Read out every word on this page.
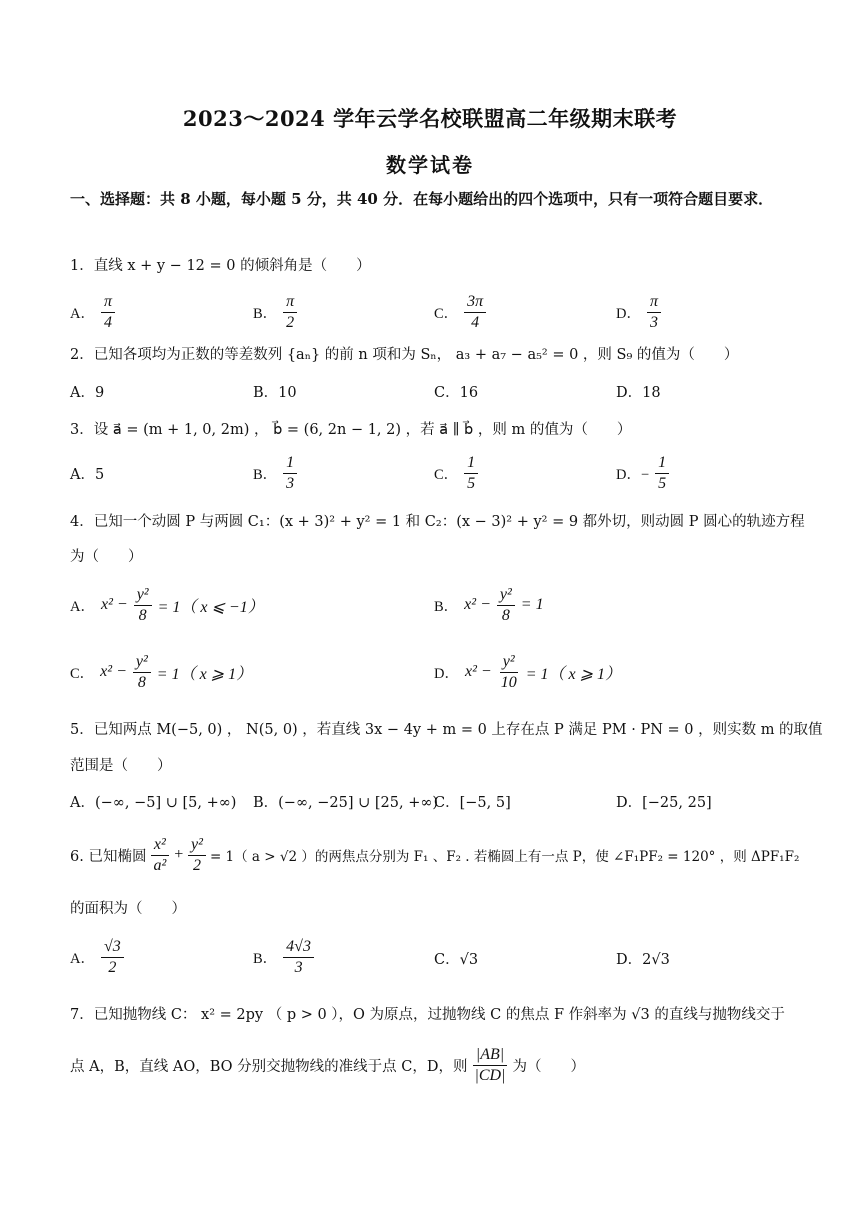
2023～2024 学年云学名校联盟高二年级期末联考
数学试卷
一、选择题：共 8 小题，每小题 5 分，共 40 分．在每小题给出的四个选项中，只有一项符合题目要求．
1．直线 x + y − 12 = 0 的倾斜角是（　　）
A． $\frac{\pi}{4}$	B． $\frac{\pi}{2}$	C． $\frac{3\pi}{4}$	D． $\frac{\pi}{3}$
2．已知各项均为正数的等差数列 {aₙ} 的前 n 项和为 Sₙ， a₃ + a₇ − a₅² = 0 ，则 S₉ 的值为（　　）
A．9	B．10	C．16	D．18
3．设 a⃗ = (m + 1, 0, 2m) ， b⃗ = (6, 2n − 1, 2) ，若 a⃗ ∥ b⃗ ，则 m 的值为（　　）
A．5	B． $\frac{1}{3}$	C． $\frac{1}{5}$	D．− $\frac{1}{5}$
4．已知一个动圆 P 与两圆 C₁：(x + 3)² + y² = 1 和 C₂：(x − 3)² + y² = 9 都外切，则动圆 P 圆心的轨迹方程
为（　　）
A． $x^2 - \frac{\text{y²}}{8} = 1$（ x ⩽ −1）	B． $x^2 - \frac{\text{y²}}{8} = 1$
C． $x^2 - \frac{\text{y²}}{8} = 1$（ x ⩾ 1）	D． $x^2 - \frac{\text{y²}}{10} = 1$（ x ⩾ 1）
5．已知两点 M(−5, 0) ， N(5, 0) ，若直线 3x − 4y + m = 0 上存在点 P 满足 PM · PN = 0 ，则实数 m 的取值
范围是（　　）
A．(−∞, −5] ∪ [5, +∞) B．(−∞, −25] ∪ [25, +∞)
C．[−5, 5]	D．[−25, 25]
6. 已知椭圆 $\frac{\text{x²}}{\text{a²}} + \frac{\text{y²}}{2} = 1$（ a > √2 ）的两焦点分别为 F₁ 、F₂ . 若椭圆上有一点 P，使 ∠F₁PF₂ = 120° ，则 ΔPF₁F₂
的面积为（　　）
A． $\frac{√3}{2}$	B． $\frac{4√3}{3}$	C．√3	D．2√3
7．已知抛物线 C： x² = 2py （ p > 0 ），O 为原点，过抛物线 C 的焦点 F 作斜率为 √3 的直线与抛物线交于
点 A，B，直线 AO，BO 分别交抛物线的准线于点 C，D，则 $\frac{|AB|}{|CD|}$ 为（　　）
